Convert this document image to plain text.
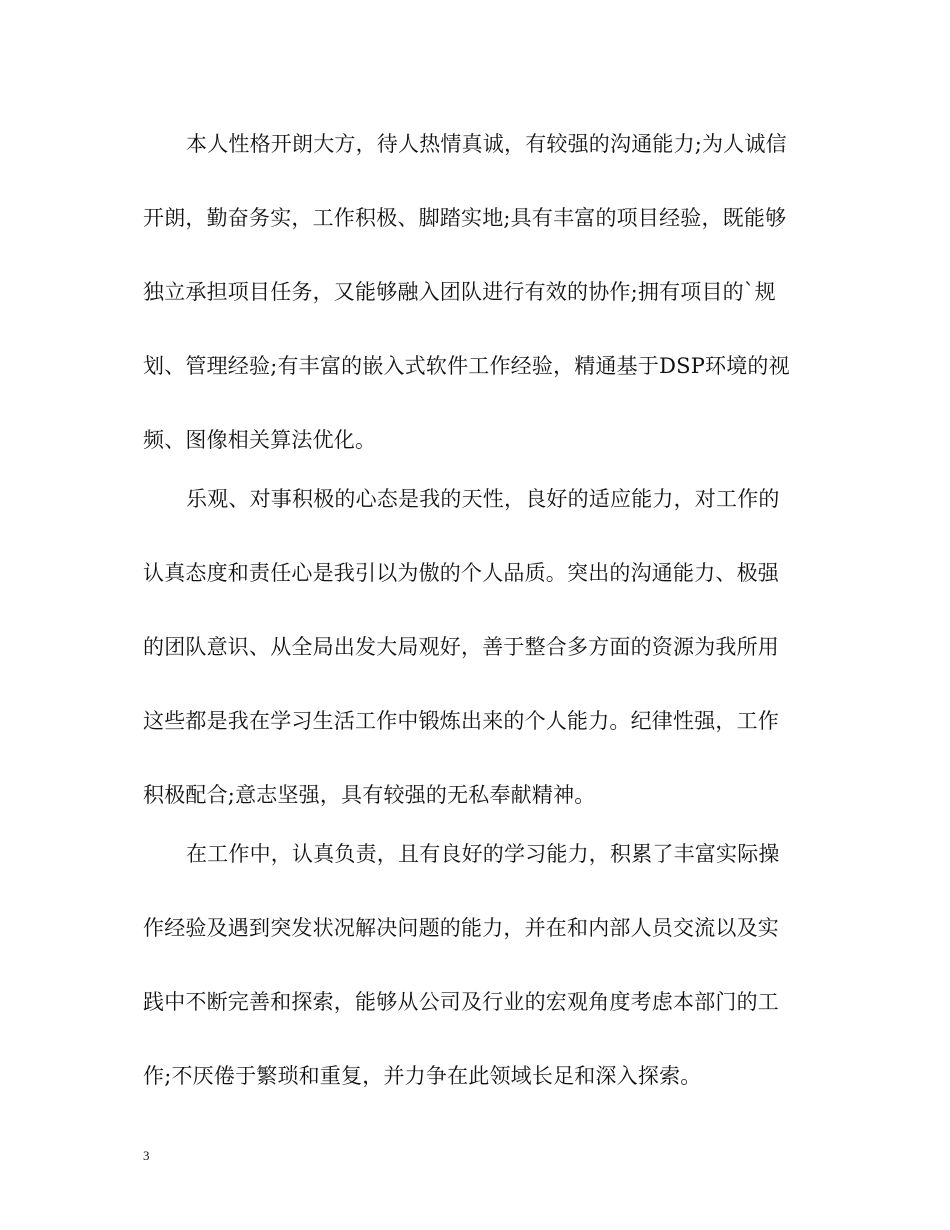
本人性格开朗大方，待人热情真诚，有较强的沟通能力;为人诚信
开朗，勤奋务实，工作积极、脚踏实地;具有丰富的项目经验，既能够
独立承担项目任务，又能够融入团队进行有效的协作;拥有项目的`规
划、管理经验;有丰富的嵌入式软件工作经验，精通基于DSP环境的视
频、图像相关算法优化。
乐观、对事积极的心态是我的天性，良好的适应能力，对工作的
认真态度和责任心是我引以为傲的个人品质。突出的沟通能力、极强
的团队意识、从全局出发大局观好，善于整合多方面的资源为我所用
这些都是我在学习生活工作中锻炼出来的个人能力。纪律性强，工作
积极配合;意志坚强，具有较强的无私奉献精神。
在工作中，认真负责，且有良好的学习能力，积累了丰富实际操
作经验及遇到突发状况解决问题的能力，并在和内部人员交流以及实
践中不断完善和探索，能够从公司及行业的宏观角度考虑本部门的工
作;不厌倦于繁琐和重复，并力争在此领域长足和深入探索。
3
